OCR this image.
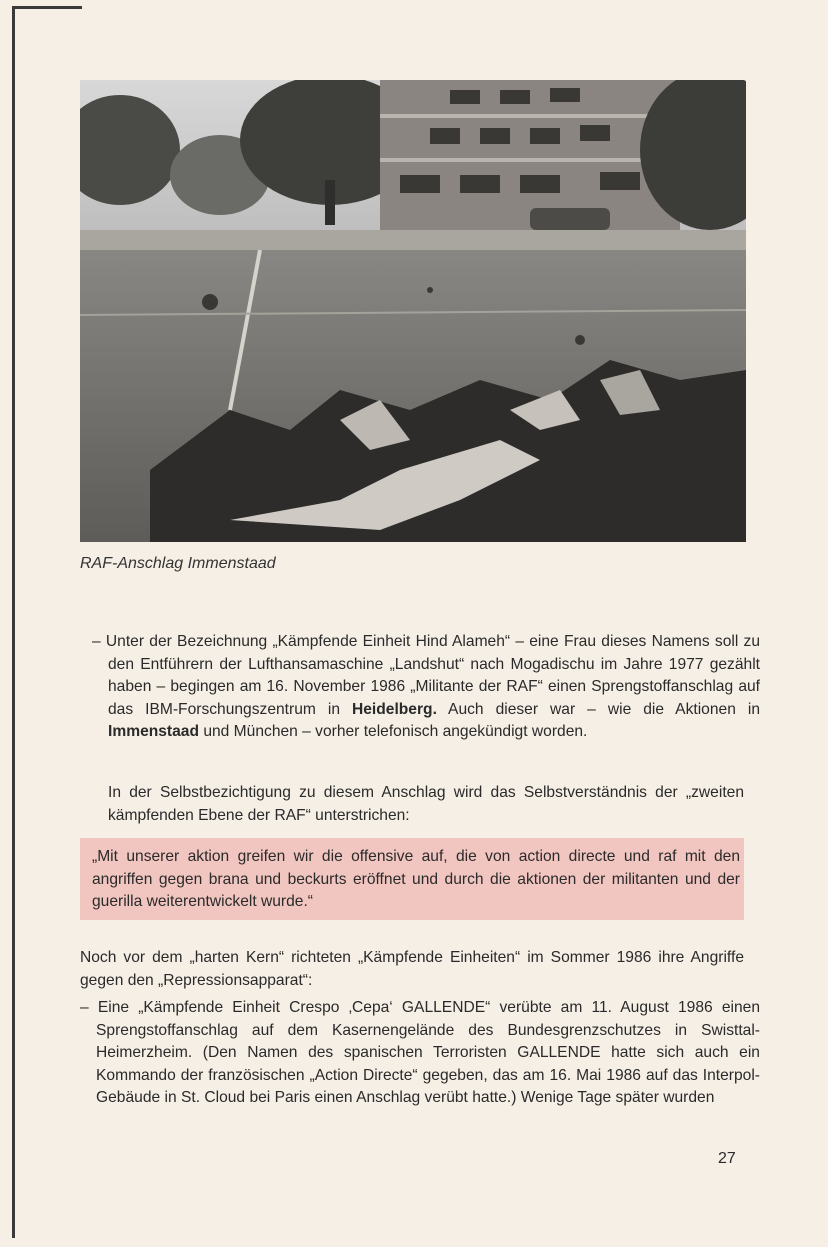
RAF-Anschlag Immenstaad
– Unter der Bezeichnung „Kämpfende Einheit Hind Alameh“ – eine Frau dieses Namens soll zu den Entführern der Lufthansamaschine „Landshut“ nach Mogadischu im Jahre 1977 gezählt haben – begingen am 16. November 1986 „Militante der RAF“ einen Sprengstoffanschlag auf das IBM-Forschungszentrum in Heidelberg. Auch dieser war – wie die Aktionen in Immenstaad und München – vorher telefonisch angekündigt worden.
In der Selbstbezichtigung zu diesem Anschlag wird das Selbstverständnis der „zweiten kämpfenden Ebene der RAF“ unterstrichen:

„Mit unserer aktion greifen wir die offensive auf, die von action directe und raf mit den angriffen gegen brana und beckurts eröffnet und durch die aktionen der militanten und der guerilla weiterentwickelt wurde.“

Noch vor dem „harten Kern“ richteten „Kämpfende Einheiten“ im Sommer 1986 ihre Angriffe gegen den „Repressionsapparat“:
– Eine „Kämpfende Einheit Crespo ‚Cepa‘ GALLENDE“ verübte am 11. August 1986 einen Sprengstoffanschlag auf dem Kasernengelände des Bundesgrenzschutzes in Swisttal-Heimerzheim. (Den Namen des spanischen Terroristen GALLENDE hatte sich auch ein Kommando der französischen „Action Directe“ gegeben, das am 16. Mai 1986 auf das Interpol-Gebäude in St. Cloud bei Paris einen Anschlag verübt hatte.) Wenige Tage später wurden
27
